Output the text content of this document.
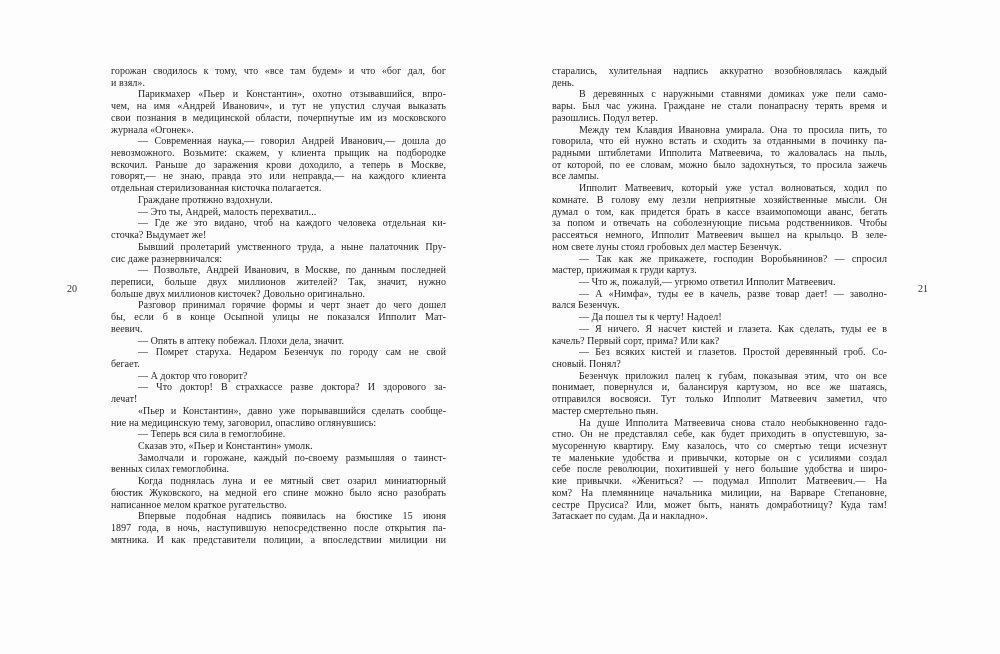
20
горожан сводилось к тому, что «все там будем» и что «бог дал, бог
и взял».
Парикмахер «Пьер и Константин», охотно отзывавшийся, впро-
чем, на имя «Андрей Иванович», и тут не упустил случая выказать
свои познания в медицинской области, почерпнутые им из московского
журнала «Огонек».
— Современная наука,— говорил Андрей Иванович,— дошла до
невозможного. Возьмите: скажем, у клиента прыщик на подбородке
вскочил. Раньше до заражения крови доходило, а теперь в Москве,
говорят,— не знаю, правда это или неправда,— на каждого клиента
отдельная стерилизованная кисточка полагается.
Граждане протяжно вздохнули.
— Это ты, Андрей, малость перехватил...
— Где же это видано, чтоб на каждого человека отдельная ки-
сточка? Выдумает же!
Бывший пролетарий умственного труда, а ныне палаточник Пру-
сис даже разнервничался:
— Позвольте, Андрей Иванович, в Москве, по данным последней
переписи, больше двух миллионов жителей? Так, значит, нужно
больше двух миллионов кисточек? Довольно оригинально.
Разговор принимал горячие формы и черт знает до чего дошел
бы, если б в конце Осыпной улицы не показался Ипполит Мат-
веевич.
— Опять в аптеку побежал. Плохи дела, значит.
— Помрет старуха. Недаром Безенчук по городу сам не свой
бегает.
— А доктор что говорит?
— Что доктор! В страхкассе разве доктора? И здорового за-
лечат!
«Пьер и Константин», давно уже порывавшийся сделать сообще-
ние на медицинскую тему, заговорил, опасливо оглянувшись:
— Теперь вся сила в гемоглобине.
Сказав это, «Пьер и Константин» умолк.
Замолчали и горожане, каждый по-своему размышляя о таинст-
венных силах гемоглобина.
Когда поднялась луна и ее мятный свет озарил миниатюрный
бюстик Жуковского, на медной его спине можно было ясно разобрать
написанное мелом краткое ругательство.
Впервые подобная надпись появилась на бюстике 15 июня
1897 года, в ночь, наступившую непосредственно после открытия па-
мятника. И как представители полиции, а впоследствии милиции ни
старались, хулительная надпись аккуратно возобновлялась каждый
день.
В деревянных с наружными ставнями домиках уже пели само-
вары. Был час ужина. Граждане не стали понапрасну терять время и
разошлись. Подул ветер.
Между тем Клавдия Ивановна умирала. Она то просила пить, то
говорила, что ей нужно встать и сходить за отданными в починку па-
радными штиблетами Ипполита Матвеевича, то жаловалась на пыль,
от которой, по ее словам, можно было задохнуться, то просила зажечь
все лампы.
Ипполит Матвеевич, который уже устал волноваться, ходил по
комнате. В голову ему лезли неприятные хозяйственные мысли. Он
думал о том, как придется брать в кассе взаимопомощи аванс, бегать
за попом и отвечать на соболезнующие письма родственников. Чтобы
рассеяться немного, Ипполит Матвеевич вышел на крыльцо. В зеле-
ном свете луны стоял гробовых дел мастер Безенчук.
— Так как же прикажете, господин Воробьянинов? — спросил
мастер, прижимая к груди картуз.
— Что ж, пожалуй,— угрюмо ответил Ипполит Матвеевич.
— А «Нимфа», туды ее в качель, разве товар дает! — заволно-
вался Безенчук.
— Да пошел ты к черту! Надоел!
— Я ничего. Я насчет кистей и глазета. Как сделать, туды ее в
качель? Первый сорт, прима? Или как?
— Без всяких кистей и глазетов. Простой деревянный гроб. Со-
сновый. Понял?
Безенчук приложил палец к губам, показывая этим, что он все
понимает, повернулся и, балансируя картузом, но все же шатаясь,
отправился восвояси. Тут только Ипполит Матвеевич заметил, что
мастер смертельно пьян.
На душе Ипполита Матвеевича снова стало необыкновенно гадо-
стно. Он не представлял себе, как будет приходить в опустевшую, за-
мусоренную квартиру. Ему казалось, что со смертью тещи исчезнут
те маленькие удобства и привычки, которые он с усилиями создал
себе после революции, похитившей у него большие удобства и широ-
кие привычки. «Жениться? — подумал Ипполит Матвеевич.— На
ком? На племяннице начальника милиции, на Варваре Степановне,
сестре Прусиса? Или, может быть, нанять домработницу? Куда там!
Затаскает по судам. Да и накладно».
21
